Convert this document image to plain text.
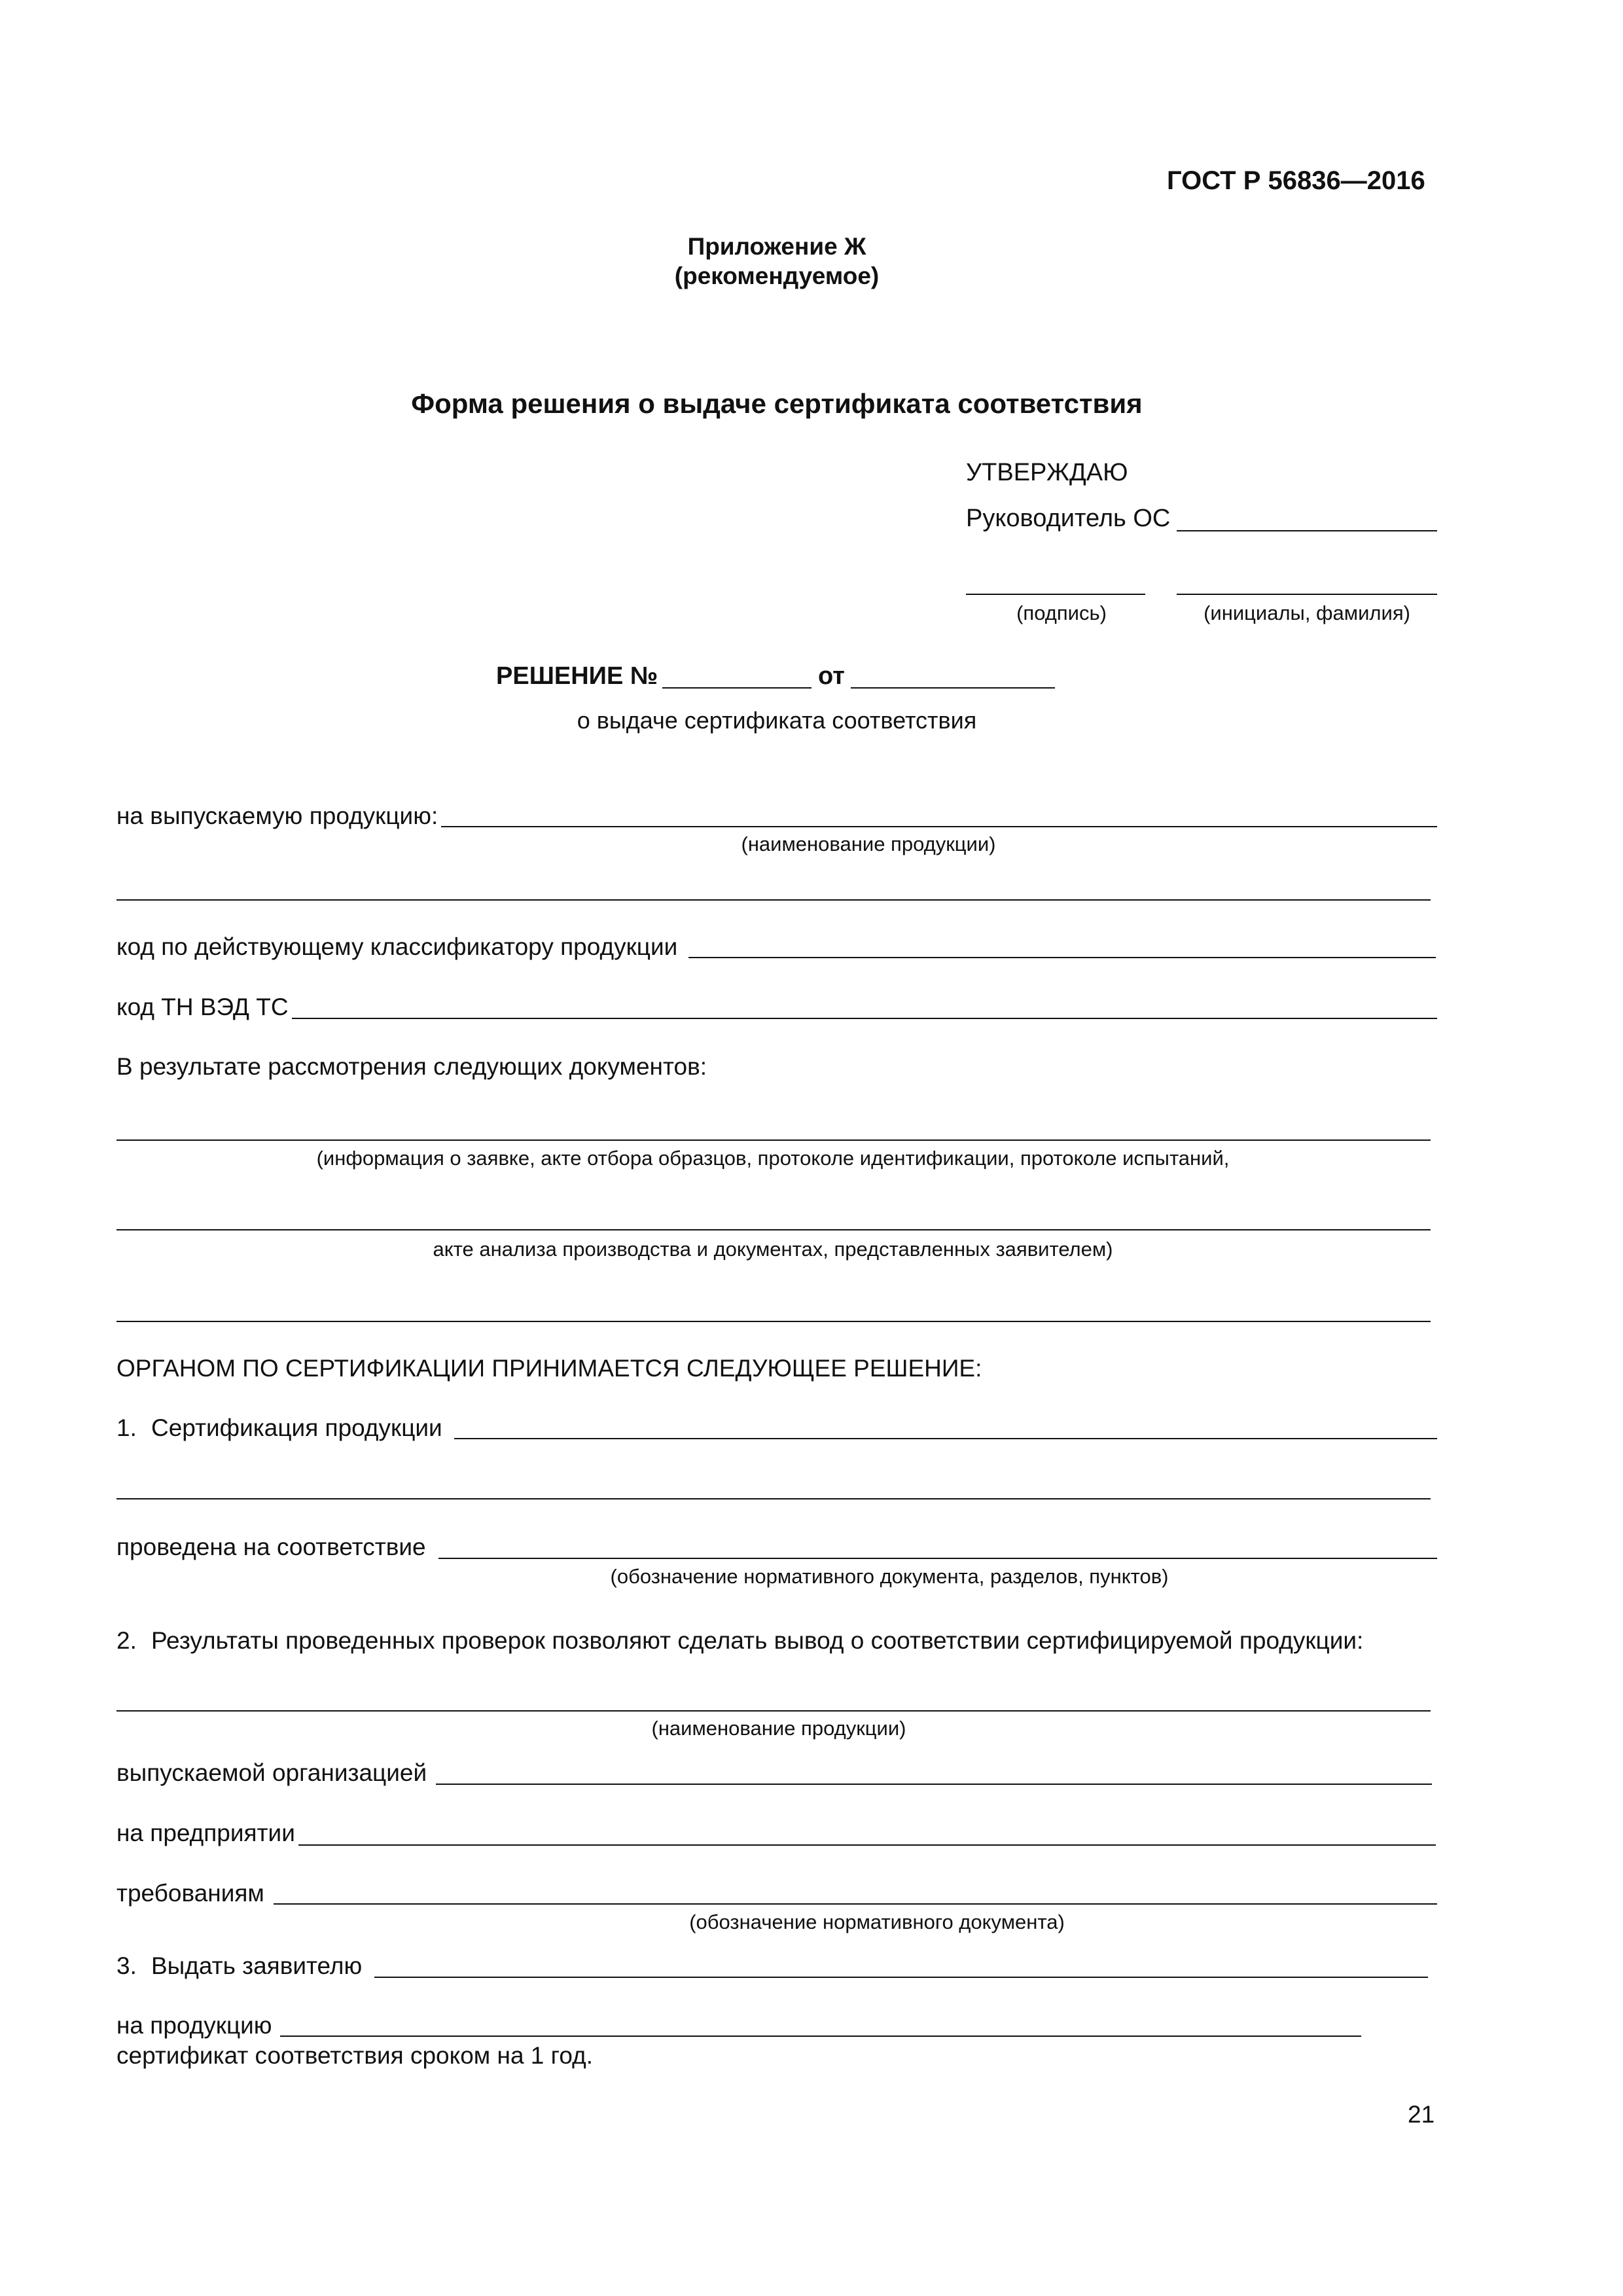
ГОСТ Р 56836—2016
Приложение Ж
(рекомендуемое)
Форма решения о выдаче сертификата соответствия
УТВЕРЖДАЮ
Руководитель ОС
(подпись)	(инициалы, фамилия)
РЕШЕНИЕ №	от
о выдаче сертификата соответствия
на выпускаемую продукцию:
(наименование продукции)
код по действующему классификатору продукции
код ТН ВЭД ТС
В результате рассмотрения следующих документов:
(информация о заявке, акте отбора образцов, протоколе идентификации, протоколе испытаний,
акте анализа производства и документах, представленных заявителем)
ОРГАНОМ ПО СЕРТИФИКАЦИИ ПРИНИМАЕТСЯ СЛЕДУЮЩЕЕ РЕШЕНИЕ:
1. Сертификация продукции
проведена на соответствие
(обозначение нормативного документа, разделов, пунктов)
2. Результаты проведенных проверок позволяют сделать вывод о соответствии сертифицируемой продукции:
(наименование продукции)
выпускаемой организацией
на предприятии
требованиям
(обозначение нормативного документа)
3. Выдать заявителю
на продукцию
сертификат соответствия сроком на 1 год.
21
